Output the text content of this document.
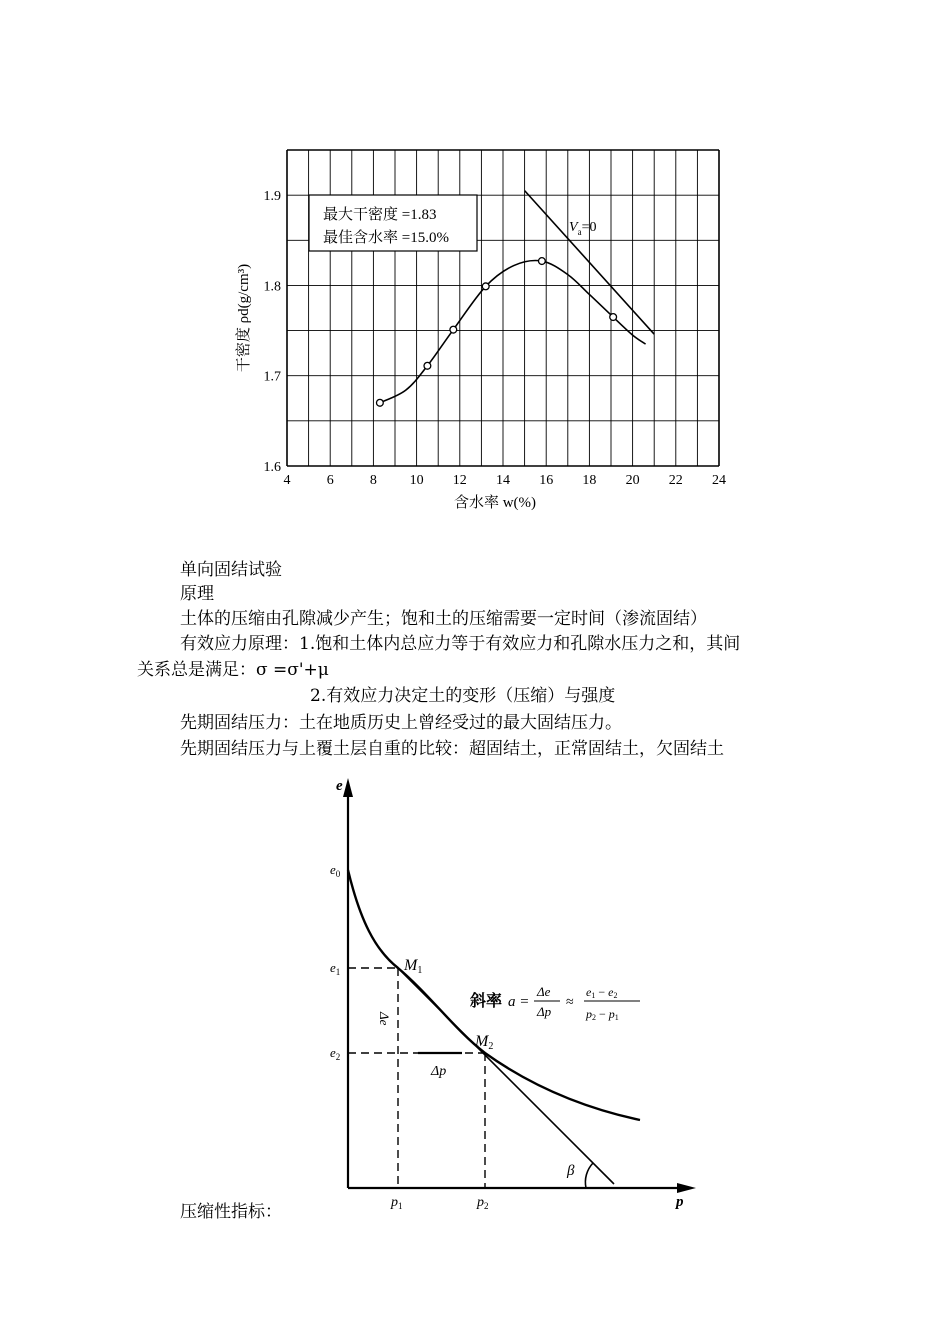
4	6	8 10 12 14 16 18 20 22 24
1.6
1.7
1.8
1.9
最大干密度 =1.83
最佳含水率 =15.0%
$V_a=0$
含水率 w(%)
干密度 ρd(g/cm³)
单向固结试验
原理
土体的压缩由孔隙减少产生；饱和土的压缩需要一定时间（渗流固结）
有效应力原理：1.饱和土体内总应力等于有效应力和孔隙水压力之和，其间
关系总是满足：σ =σ'+μ
2.有效应力决定土的变形（压缩）与强度
先期固结压力：土在地质历史上曾经受过的最大固结压力。
先期固结压力与上覆土层自重的比较：超固结土，正常固结土，欠固结土
压缩性指标：
e
$e_0$
$e_1$
$e_2$
M1
M2
Δe
Δp
β
$p_1$	$p_2$	p
斜率 a =
Δe
Δp
≈
e1 − e2
p2 − p1
